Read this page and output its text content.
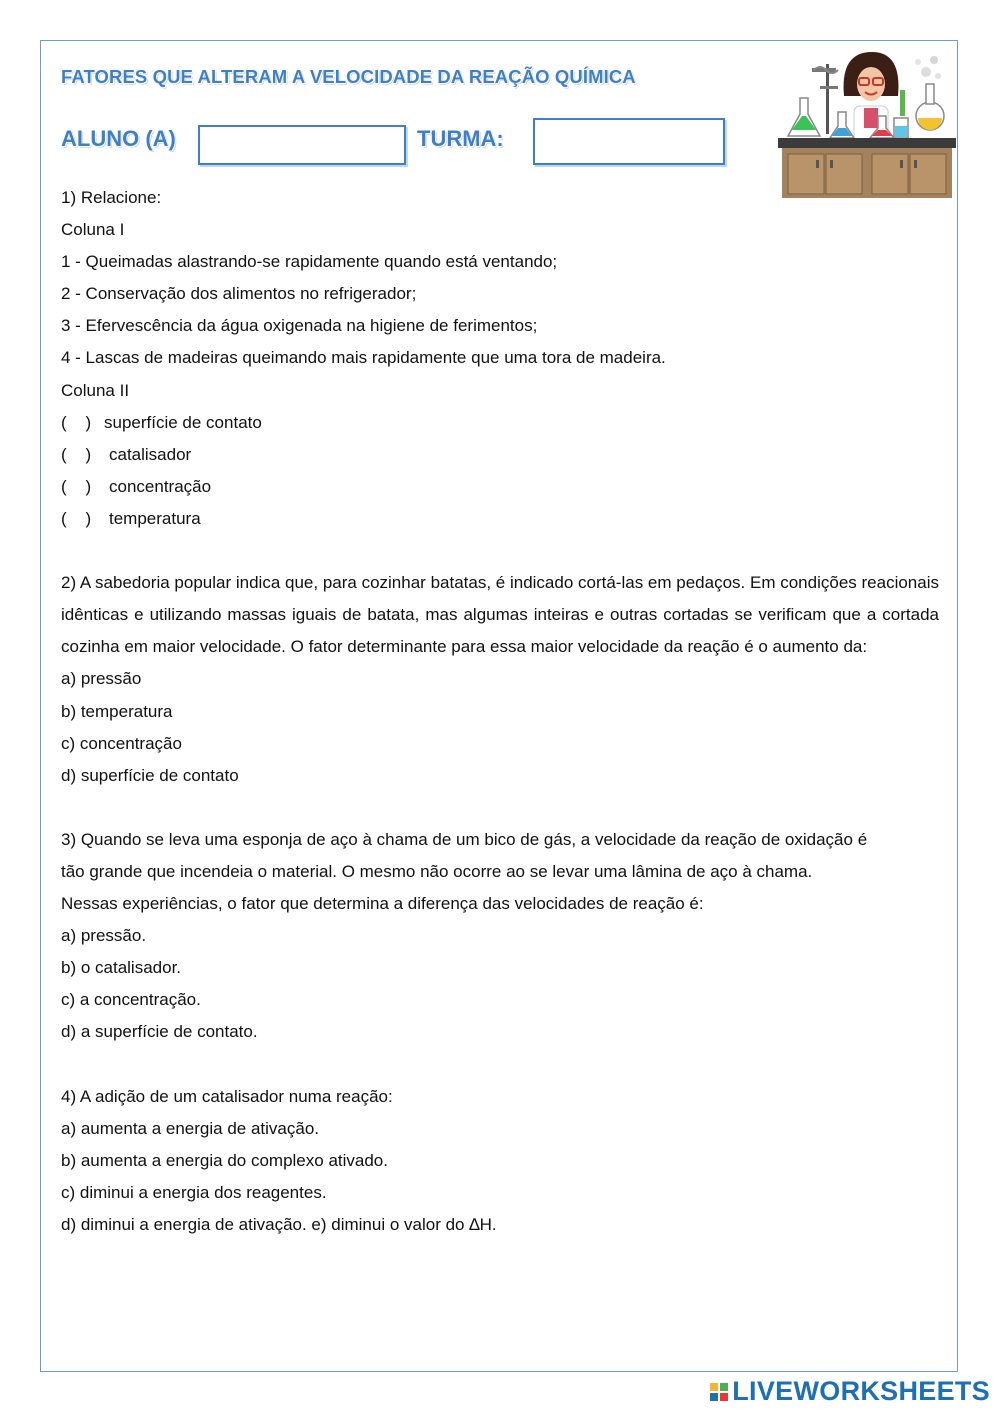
FATORES QUE ALTERAM A VELOCIDADE DA REAÇÃO QUÍMICA
ALUNO (A)	TURMA:
1) Relacione:
Coluna I
1 - Queimadas alastrando-se rapidamente quando está ventando;
2 - Conservação dos alimentos no refrigerador;
3 - Efervescência da água oxigenada na higiene de ferimentos;
4 - Lascas de madeiras queimando mais rapidamente que uma tora de madeira.
Coluna II
(    ) superfície de contato
(    )	catalisador
(    )	concentração
(    )	temperatura
2) A sabedoria popular indica que, para cozinhar batatas, é indicado cortá-las em pedaços. Em condições reacionais idênticas e utilizando massas iguais de batata, mas algumas inteiras e outras cortadas se verificam que a cortada cozinha em maior velocidade. O fator determinante para essa maior velocidade da reação é o aumento da:
a) pressão
b) temperatura
c) concentração
d) superfície de contato
3) Quando se leva uma esponja de aço à chama de um bico de gás, a velocidade da reação de oxidação é
tão grande que incendeia o material. O mesmo não ocorre ao se levar uma lâmina de aço à chama.
Nessas experiências, o fator que determina a diferença das velocidades de reação é:
a) pressão.
b) o catalisador.
c) a concentração.
d) a superfície de contato.
4) A adição de um catalisador numa reação:
a) aumenta a energia de ativação.
b) aumenta a energia do complexo ativado.
c) diminui a energia dos reagentes.
d) diminui a energia de ativação. e) diminui o valor do ∆H.
LIVEWORKSHEETS
